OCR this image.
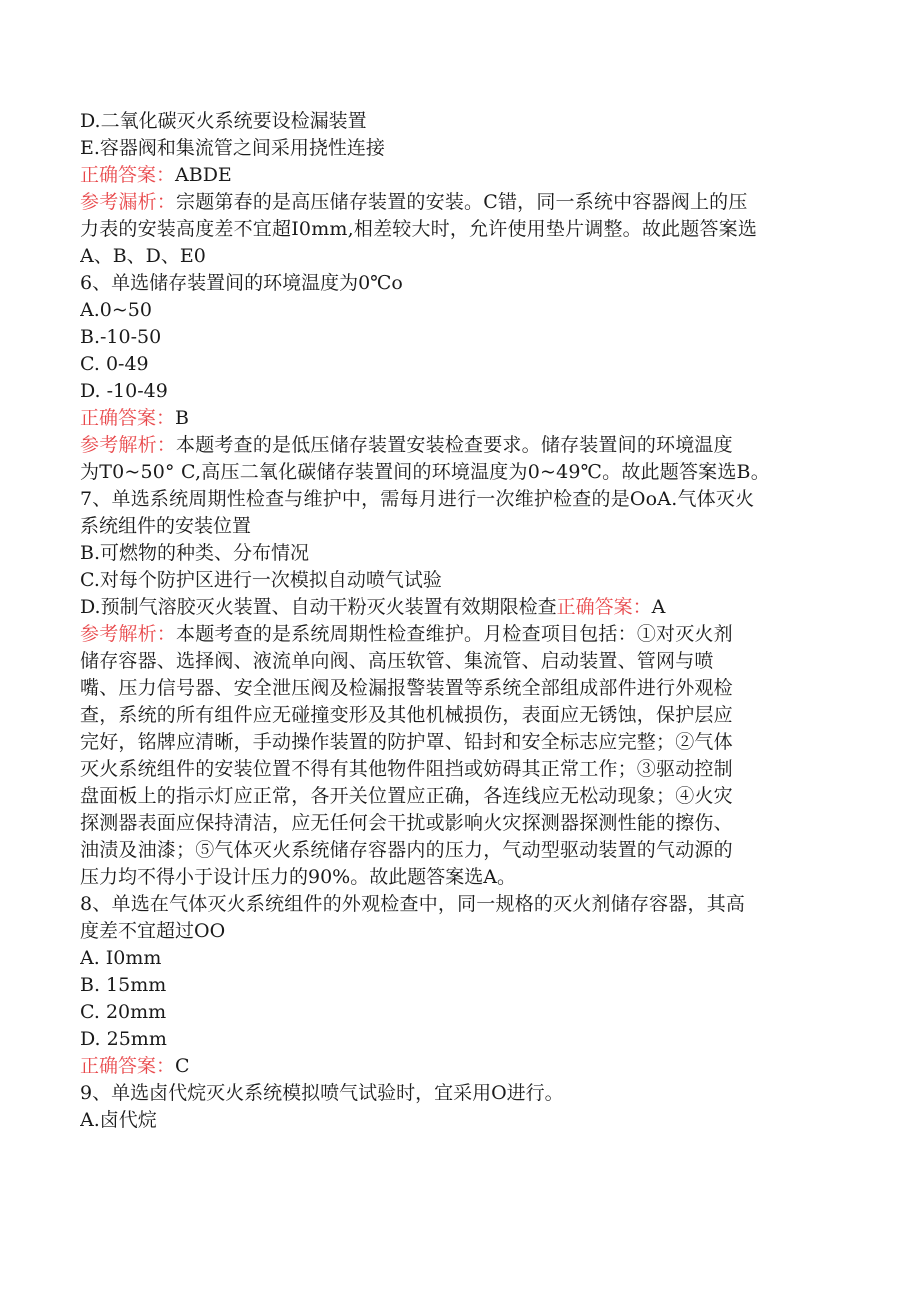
D.二氧化碳灭火系统要设检漏装置
E.容器阀和集流管之间采用挠性连接
正确答案：ABDE
参考漏析：宗题第春的是高压储存装置的安装。C错，同一系统中容器阀上的压
力表的安装高度差不宜超I0mm,相差较大时，允许使用垫片调整。故此题答案选
A、B、D、E0
6、单选储存装置间的环境温度为0℃o
A.0~50
B.-10-50
C. 0-49
D. -10-49
正确答案：B
参考解析：本题考查的是低压储存装置安装检查要求。储存装置间的环境温度
为T0~50° C,高压二氧化碳储存装置间的环境温度为0~49℃。故此题答案选B。
7、单选系统周期性检查与维护中，需每月进行一次维护检查的是OoA.气体灭火
系统组件的安装位置
B.可燃物的种类、分布情况
C.对每个防护区进行一次模拟自动喷气试验
D.预制气溶胶灭火装置、自动干粉灭火装置有效期限检查正确答案：A
参考解析：本题考查的是系统周期性检查维护。月检查项目包括：①对灭火剂
储存容器、选择阀、液流单向阀、高压软管、集流管、启动装置、管网与喷
嘴、压力信号器、安全泄压阀及检漏报警装置等系统全部组成部件进行外观检
查，系统的所有组件应无碰撞变形及其他机械损伤，表面应无锈蚀，保护层应
完好，铭牌应清晰，手动操作装置的防护罩、铅封和安全标志应完整；②气体
灭火系统组件的安装位置不得有其他物件阻挡或妨碍其正常工作；③驱动控制
盘面板上的指示灯应正常，各开关位置应正确，各连线应无松动现象；④火灾
探测器表面应保持清洁，应无任何会干扰或影响火灾探测器探测性能的擦伤、
油渍及油漆；⑤气体灭火系统储存容器内的压力，气动型驱动装置的气动源的
压力均不得小于设计压力的90%。故此题答案选A。
8、单选在气体灭火系统组件的外观检查中，同一规格的灭火剂储存容器，其高
度差不宜超过OO
A. I0mm
B. 15mm
C. 20mm
D. 25mm
正确答案：C
9、单选卤代烷灭火系统模拟喷气试验时，宜采用O进行。
A.卤代烷
